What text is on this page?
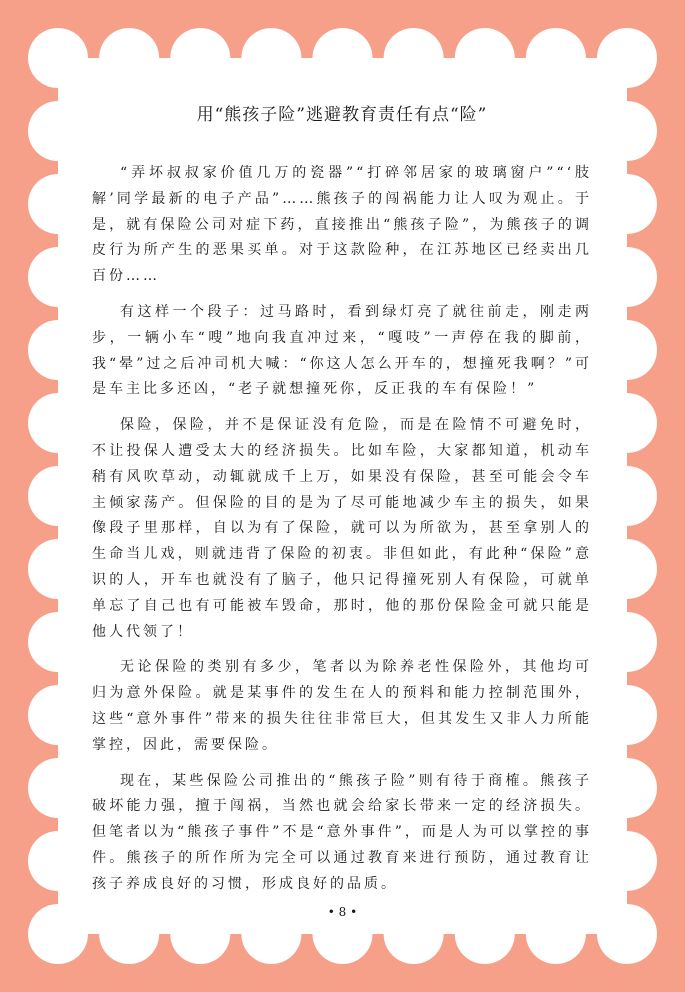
用“熊孩子险”逃避教育责任有点“险”

“弄坏叔叔家价值几万的瓷器”“打碎邻居家的玻璃窗户”“‘肢解’同学最新的电子产品”……熊孩子的闯祸能力让人叹为观止。于是，就有保险公司对症下药，直接推出“熊孩子险”，为熊孩子的调皮行为所产生的恶果买单。对于这款险种，在江苏地区已经卖出几百份……

有这样一个段子：过马路时，看到绿灯亮了就往前走，刚走两步，一辆小车“嗖”地向我直冲过来，“嘎吱”一声停在我的脚前，我“晕”过之后冲司机大喊：“你这人怎么开车的，想撞死我啊？”可是车主比多还凶，“老子就想撞死你，反正我的车有保险！”

保险，保险，并不是保证没有危险，而是在险情不可避免时，不让投保人遭受太大的经济损失。比如车险，大家都知道，机动车稍有风吹草动，动辄就成千上万，如果没有保险，甚至可能会令车主倾家荡产。但保险的目的是为了尽可能地减少车主的损失，如果像段子里那样，自以为有了保险，就可以为所欲为，甚至拿别人的生命当儿戏，则就违背了保险的初衷。非但如此，有此种“保险”意识的人，开车也就没有了脑子，他只记得撞死别人有保险，可就单单忘了自己也有可能被车毁命，那时，他的那份保险金可就只能是他人代领了！

无论保险的类别有多少，笔者以为除养老性保险外，其他均可归为意外保险。就是某事件的发生在人的预料和能力控制范围外，这些“意外事件”带来的损失往往非常巨大，但其发生又非人力所能掌控，因此，需要保险。

现在，某些保险公司推出的“熊孩子险”则有待于商榷。熊孩子破坏能力强，擅于闯祸，当然也就会给家长带来一定的经济损失。但笔者以为“熊孩子事件”不是“意外事件”，而是人为可以掌控的事件。熊孩子的所作所为完全可以通过教育来进行预防，通过教育让孩子养成良好的习惯，形成良好的品质。

• 8 •
